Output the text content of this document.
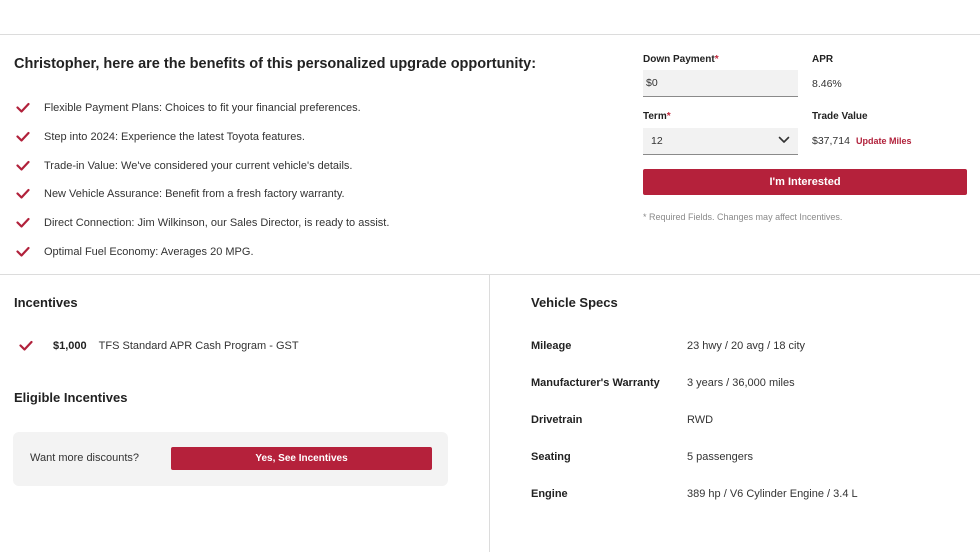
Christopher, here are the benefits of this personalized upgrade opportunity:
Flexible Payment Plans: Choices to fit your financial preferences.
Step into 2024: Experience the latest Toyota features.
Trade-in Value: We've considered your current vehicle's details.
New Vehicle Assurance: Benefit from a fresh factory warranty.
Direct Connection: Jim Wilkinson, our Sales Director, is ready to assist.
Optimal Fuel Economy: Averages 20 MPG.
Down Payment*
$0
APR
8.46%
Term*
12
Trade Value
$37,714 Update Miles
I'm Interested
* Required Fields. Changes may affect Incentives.
Incentives
$1,000 TFS Standard APR Cash Program - GST
Eligible Incentives
Want more discounts?	Yes, See Incentives
Vehicle Specs
Mileage	23 hwy / 20 avg / 18 city
Manufacturer's Warranty 3 years / 36,000 miles
Drivetrain	RWD
Seating	5 passengers
Engine	389 hp / V6 Cylinder Engine / 3.4 L
